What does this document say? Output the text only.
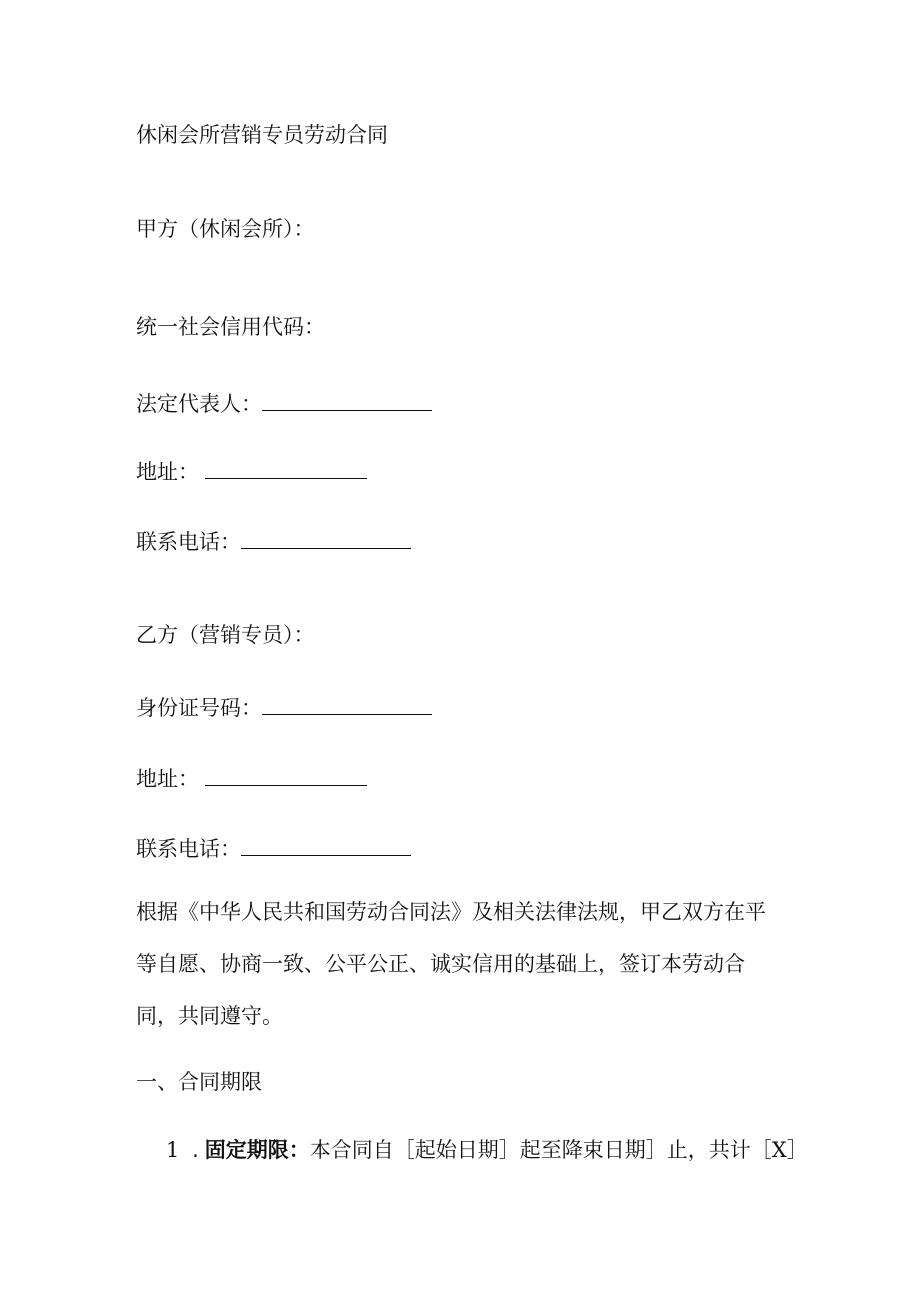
休闲会所营销专员劳动合同
甲方（休闲会所）：
统一社会信用代码：
法定代表人：
地址：
联系电话：
乙方（营销专员）：
身份证号码：
地址：
联系电话：
根据《中华人民共和国劳动合同法》及相关法律法规，甲乙双方在平等自愿、协商一致、公平公正、诚实信用的基础上，签订本劳动合同，共同遵守。
一、合同期限
1 . 固定期限：本合同自［起始日期］起至降束日期］止，共计［X］
